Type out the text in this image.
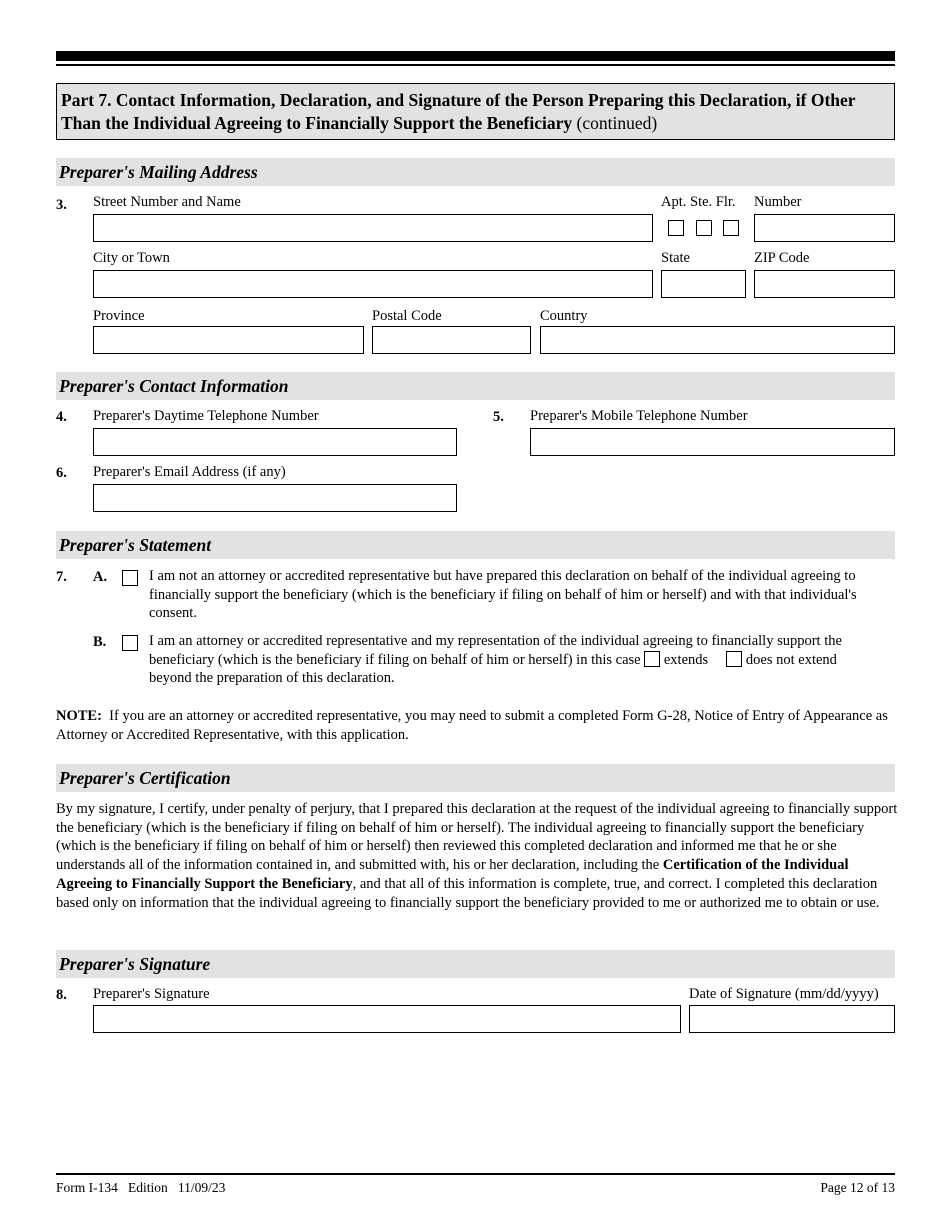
Part 7. Contact Information, Declaration, and Signature of the Person Preparing this Declaration, if Other Than the Individual Agreeing to Financially Support the Beneficiary (continued)
Preparer's Mailing Address
3. Street Number and Name	Apt. Ste. Flr. Number
City or Town	State	ZIP Code
Province	Postal Code	Country
Preparer's Contact Information
4. Preparer's Daytime Telephone Number	5. Preparer's Mobile Telephone Number
6. Preparer's Email Address (if any)
Preparer's Statement
7. A.	I am not an attorney or accredited representative but have prepared this declaration on behalf of the individual agreeing to financially support the beneficiary (which is the beneficiary if filing on behalf of him or herself) and with that individual's consent.
B.	I am an attorney or accredited representative and my representation of the individual agreeing to financially support the beneficiary (which is the beneficiary if filing on behalf of him or herself) in this case  extends      does not extend
beyond the preparation of this declaration.
NOTE:  If you are an attorney or accredited representative, you may need to submit a completed Form G-28, Notice of Entry of Appearance as Attorney or Accredited Representative, with this application.
Preparer's Certification
By my signature, I certify, under penalty of perjury, that I prepared this declaration at the request of the individual agreeing to financially support the beneficiary (which is the beneficiary if filing on behalf of him or herself). The individual agreeing to financially support the beneficiary (which is the beneficiary if filing on behalf of him or herself) then reviewed this completed declaration and informed me that he or she understands all of the information contained in, and submitted with, his or her declaration, including the Certification of the Individual Agreeing to Financially Support the Beneficiary, and that all of this information is complete, true, and correct. I completed this declaration based only on information that the individual agreeing to financially support the beneficiary provided to me or authorized me to obtain or use.
Preparer's Signature
8. Preparer's Signature	Date of Signature (mm/dd/yyyy)
Form I-134   Edition   11/09/23	Page 12 of 13
